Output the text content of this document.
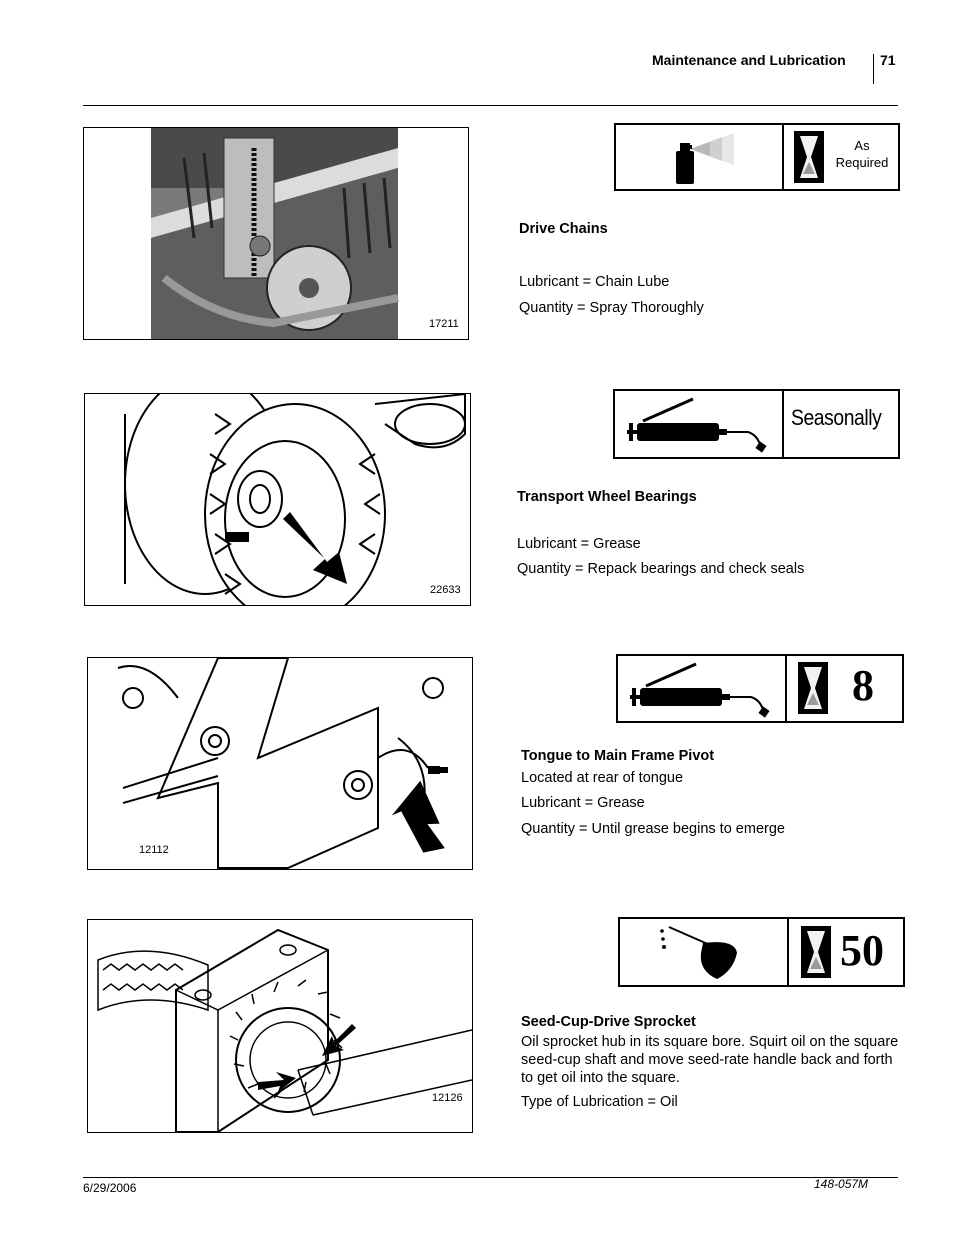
Maintenance and Lubrication 71
17211
As
Required
Drive Chains
Lubricant = Chain Lube
Quantity = Spray Thoroughly
22633
Seasonally
Transport Wheel Bearings
Lubricant = Grease
Quantity = Repack bearings and check seals
12112
8
Tongue to Main Frame Pivot
Located at rear of tongue
Lubricant = Grease
Quantity = Until grease begins to emerge
12126
50
Seed-Cup-Drive Sprocket
Oil sprocket hub in its square bore. Squirt oil on the square seed-cup shaft and move seed-rate handle back and forth to get oil into the square.
Type of Lubrication = Oil
6/29/2006	148-057M
